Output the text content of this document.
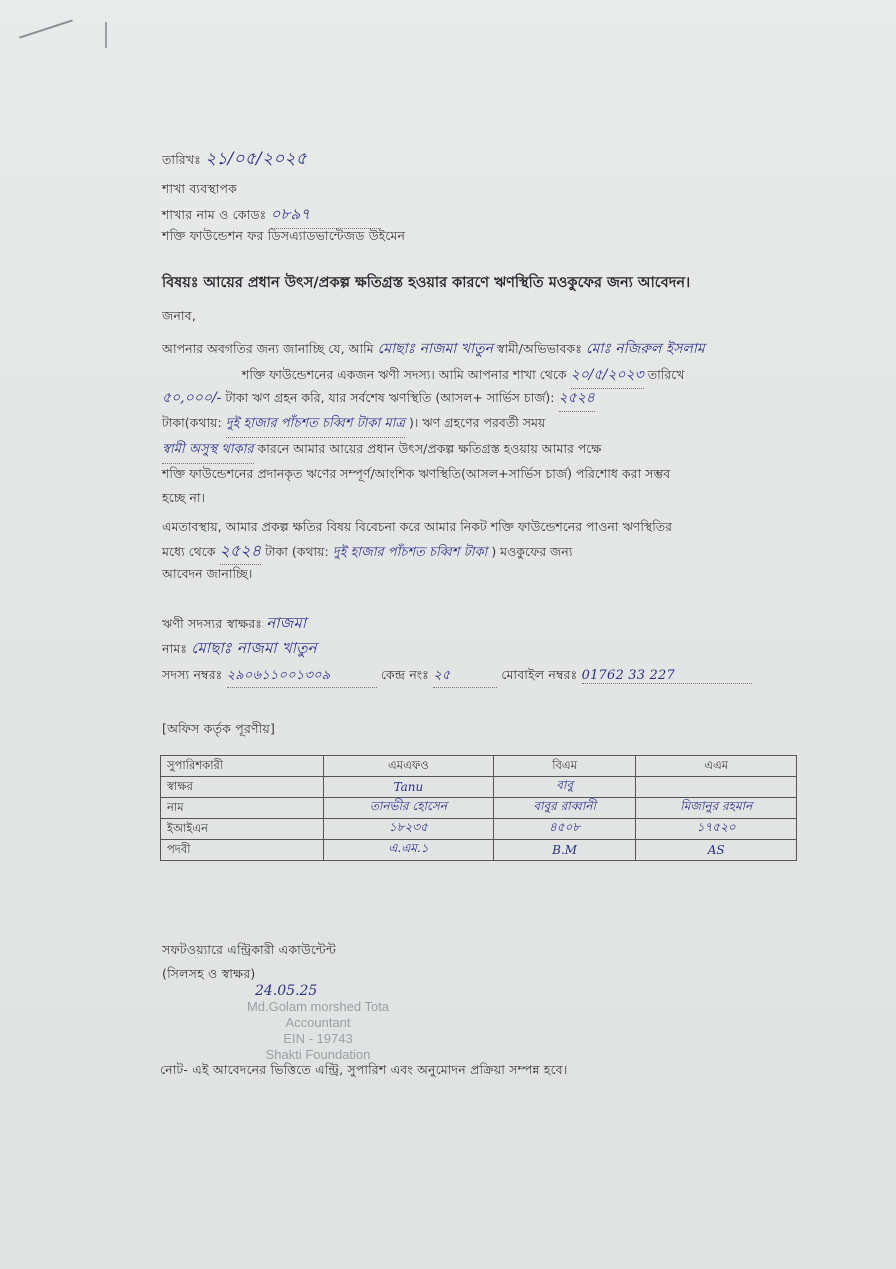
তারিখঃ ২১/০৫/২০২৫
শাখা ব্যবস্থাপক
শাখার নাম ও কোডঃ ০৮৯৭
শক্তি ফাউন্ডেশন ফর ডিসএ্যাডভান্টেজড উইমেন
বিষয়ঃ আয়ের প্রধান উৎস/প্রকল্প ক্ষতিগ্রস্ত হওয়ার কারণে ঋণস্থিতি মওকুফের জন্য আবেদন।
জনাব,
আপনার অবগতির জন্য জানাচ্ছি যে, আমি মোছাঃ নাজমা খাতুন স্বামী/অভিভাবকঃ মোঃ নজিরুল ইসলাম
শক্তি ফাউন্ডেশনের একজন ঋণী সদস্য। আমি আপনার শাখা থেকে ২০/৫/২০২৩ তারিখে
৫০,০০০/- টাকা ঋণ গ্রহন করি, যার সর্বশেষ ঋণস্থিতি (আসল+ সার্ভিস চার্জ): ২৫২৪
টাকা(কথায়: দুই হাজার পাঁচশত চব্বিশ টাকা মাত্র )। ঋণ গ্রহণের পরবর্তী সময়
স্বামী অসুস্থ থাকার কারনে আমার আয়ের প্রধান উৎস/প্রকল্প ক্ষতিগ্রস্ত হওয়ায় আমার পক্ষে
শক্তি ফাউন্ডেশনের প্রদানকৃত ঋণের সম্পূর্ণ/আংশিক ঋণস্থিতি(আসল+সার্ভিস চার্জ) পরিশোধ করা সম্ভব
হচ্ছে না।
এমতাবস্থায়, আমার প্রকল্প ক্ষতির বিষয় বিবেচনা করে আমার নিকট শক্তি ফাউন্ডেশনের পাওনা ঋণস্থিতির
মধ্যে থেকে ২৫২৪ টাকা (কথায়: দুই হাজার পাঁচশত চব্বিশ টাকা ) মওকুফের জন্য
আবেদন জানাচ্ছি।
ঋণী সদস্যর স্বাক্ষরঃ নাজমা
নামঃ মোছাঃ নাজমা খাতুন
সদস্য নম্বরঃ ২৯০৬১১০০১৩০৯	কেন্দ্র নংঃ ২৫	মোবাইল নম্বরঃ 01762 33 227
[অফিস কর্তৃক পূরণীয়]
সুপারিশকারী	এমএফও	বিএম	এএম
স্বাক্ষর	Tanu	বাবু	
নাম	তানভীর হোসেন	বাবুর রাব্বানী	মিজানুর রহমান
ইআইএন	১৮২৩৫	৪৫০৮	১৭৫২০
পদবী	এ.এম.১	B.M	AS
সফটওয়্যারে এন্ট্রিকারী একাউন্টেন্ট
(সিলসহ ও স্বাক্ষর)
24.05.25
Md.Golam morshed Tota
Accountant
EIN - 19743
Shakti Foundation
নোট- এই আবেদনের ভিত্তিতে এন্ট্রি, সুপারিশ এবং অনুমোদন প্রক্রিয়া সম্পন্ন হবে।
